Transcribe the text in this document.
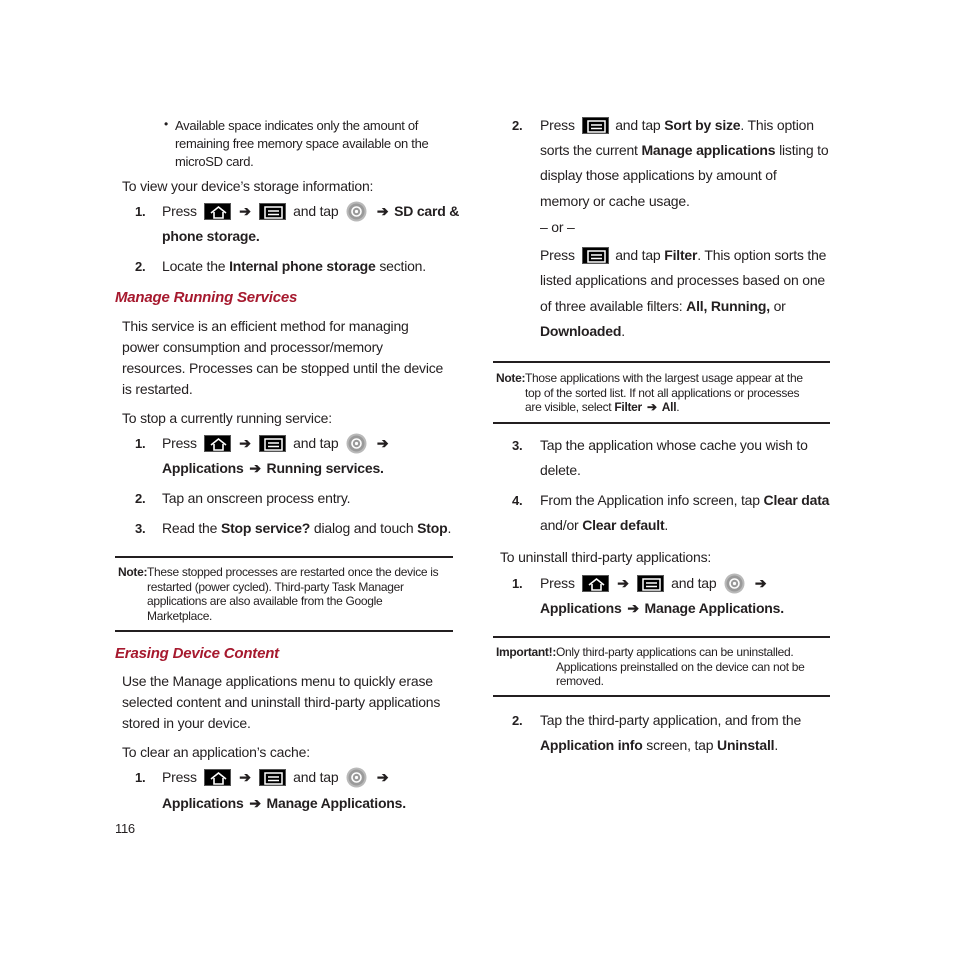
• Available space indicates only the amount of
remaining free memory space available on the
microSD card.
To view your device’s storage information:
1. Press	➔	and tap	➔ SD card &
phone storage.
2. Locate the Internal phone storage section.
Manage Running Services
This service is an efficient method for managing
power consumption and processor/memory
resources. Processes can be stopped until the device
is restarted.
To stop a currently running service:
1. Press	➔	and tap	➔
Applications ➔ Running services.
2. Tap an onscreen process entry.
3. Read the Stop service? dialog and touch Stop.
Note: These stopped processes are restarted once the device is
restarted (power cycled). Third-party Task Manager
applications are also available from the Google
Marketplace.
Erasing Device Content
Use the Manage applications menu to quickly erase
selected content and uninstall third-party applications
stored in your device.
To clear an application’s cache:
1. Press	➔	and tap	➔
Applications ➔ Manage Applications.
116
2. Press	and tap Sort by size. This option
sorts the current Manage applications listing to
display those applications by amount of
memory or cache usage.
– or –
Press	and tap Filter. This option sorts the
listed applications and processes based on one
of three available filters: All, Running, or
Downloaded.
Note: Those applications with the largest usage appear at the
top of the sorted list. If not all applications or processes
are visible, select Filter ➔ All.
3. Tap the application whose cache you wish to
delete.
4. From the Application info screen, tap Clear data
and/or Clear default.
To uninstall third-party applications:
1. Press	➔	and tap	➔
Applications ➔ Manage Applications.
Important!: Only third-party applications can be uninstalled.
Applications preinstalled on the device can not be
removed.
2. Tap the third-party application, and from the
Application info screen, tap Uninstall.
